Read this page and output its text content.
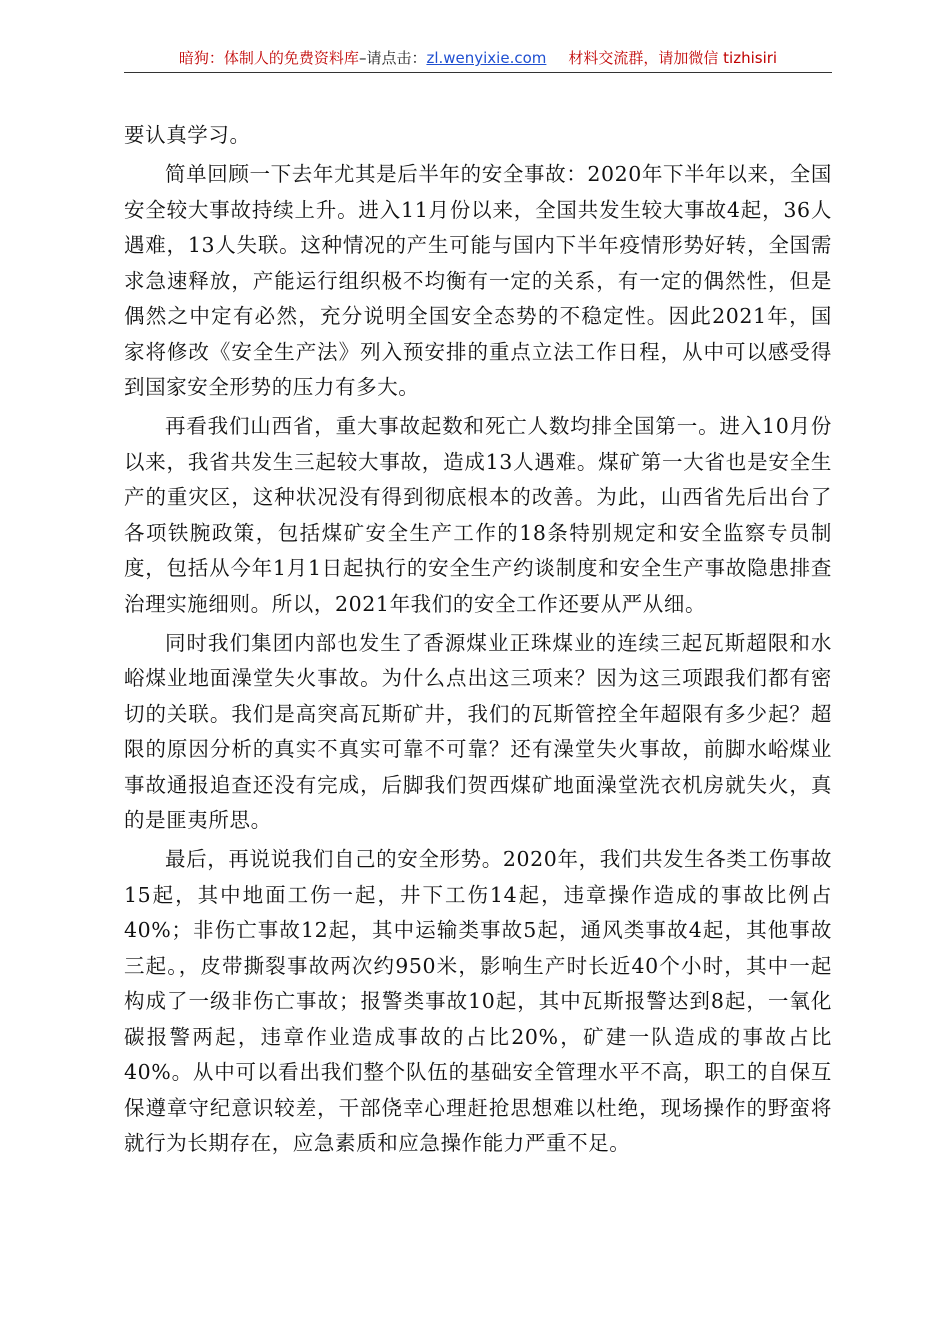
暗狗：体制人的免费资料库–请点击：zl.wenyixie.com 材料交流群，请加微信 tizhisiri

要认真学习。

简单回顾一下去年尤其是后半年的安全事故：2020年下半年以来，全国安全较大事故持续上升。进入11月份以来，全国共发生较大事故4起，36人遇难，13人失联。这种情况的产生可能与国内下半年疫情形势好转，全国需求急速释放，产能运行组织极不均衡有一定的关系，有一定的偶然性，但是偶然之中定有必然，充分说明全国安全态势的不稳定性。因此2021年，国家将修改《安全生产法》列入预安排的重点立法工作日程，从中可以感受得到国家安全形势的压力有多大。

再看我们山西省，重大事故起数和死亡人数均排全国第一。进入10月份以来，我省共发生三起较大事故，造成13人遇难。煤矿第一大省也是安全生产的重灾区，这种状况没有得到彻底根本的改善。为此，山西省先后出台了各项铁腕政策，包括煤矿安全生产工作的18条特别规定和安全监察专员制度，包括从今年1月1日起执行的安全生产约谈制度和安全生产事故隐患排查治理实施细则。所以，2021年我们的安全工作还要从严从细。

同时我们集团内部也发生了香源煤业正珠煤业的连续三起瓦斯超限和水峪煤业地面澡堂失火事故。为什么点出这三项来？因为这三项跟我们都有密切的关联。我们是高突高瓦斯矿井，我们的瓦斯管控全年超限有多少起？超限的原因分析的真实不真实可靠不可靠？还有澡堂失火事故，前脚水峪煤业事故通报追查还没有完成，后脚我们贺西煤矿地面澡堂洗衣机房就失火，真的是匪夷所思。

最后，再说说我们自己的安全形势。2020年，我们共发生各类工伤事故15起，其中地面工伤一起，井下工伤14起，违章操作造成的事故比例占40%；非伤亡事故12起，其中运输类事故5起，通风类事故4起，其他事故三起。，皮带撕裂事故两次约950米，影响生产时长近40个小时，其中一起构成了一级非伤亡事故；报警类事故10起，其中瓦斯报警达到8起，一氧化碳报警两起，违章作业造成事故的占比20%，矿建一队造成的事故占比40%。从中可以看出我们整个队伍的基础安全管理水平不高，职工的自保互保遵章守纪意识较差，干部侥幸心理赶抢思想难以杜绝，现场操作的野蛮将就行为长期存在，应急素质和应急操作能力严重不足。
